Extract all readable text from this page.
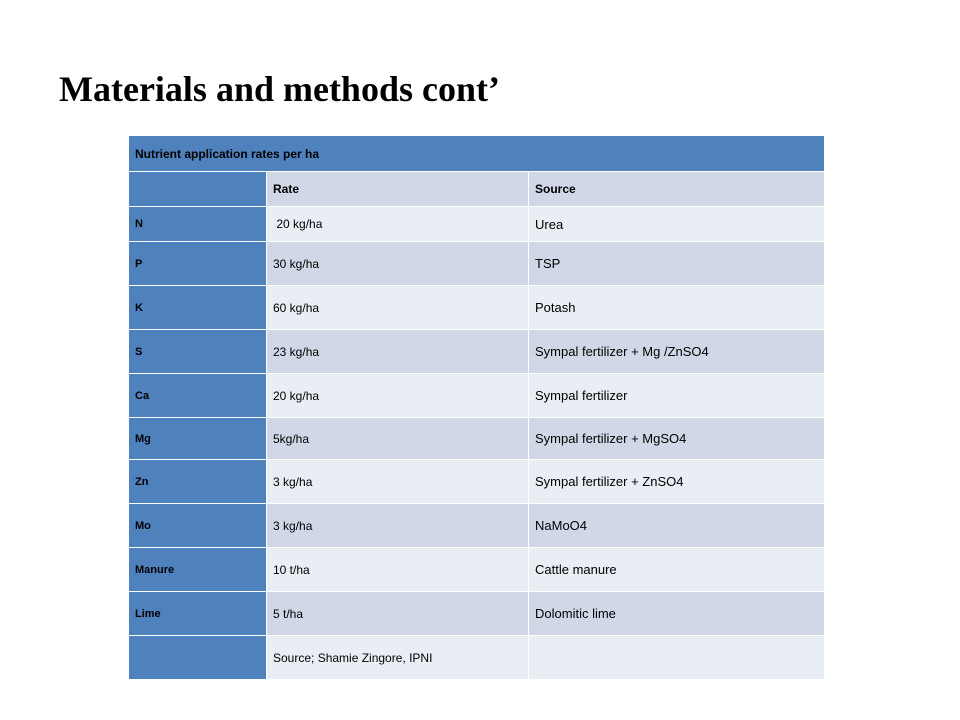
Materials and methods cont’
Nutrient application rates per ha		
	Rate	Source
N	20 kg/ha	Urea
P	30 kg/ha	TSP
K	60 kg/ha	Potash
S	23 kg/ha	Sympal fertilizer + Mg /ZnSO4
Ca	20 kg/ha	Sympal fertilizer
Mg	5kg/ha	Sympal fertilizer + MgSO4
Zn	3 kg/ha	Sympal fertilizer + ZnSO4
Mo	3 kg/ha	NaMoO4
Manure	10 t/ha	Cattle manure
Lime	5 t/ha	Dolomitic lime
	Source; Shamie Zingore, IPNI	
